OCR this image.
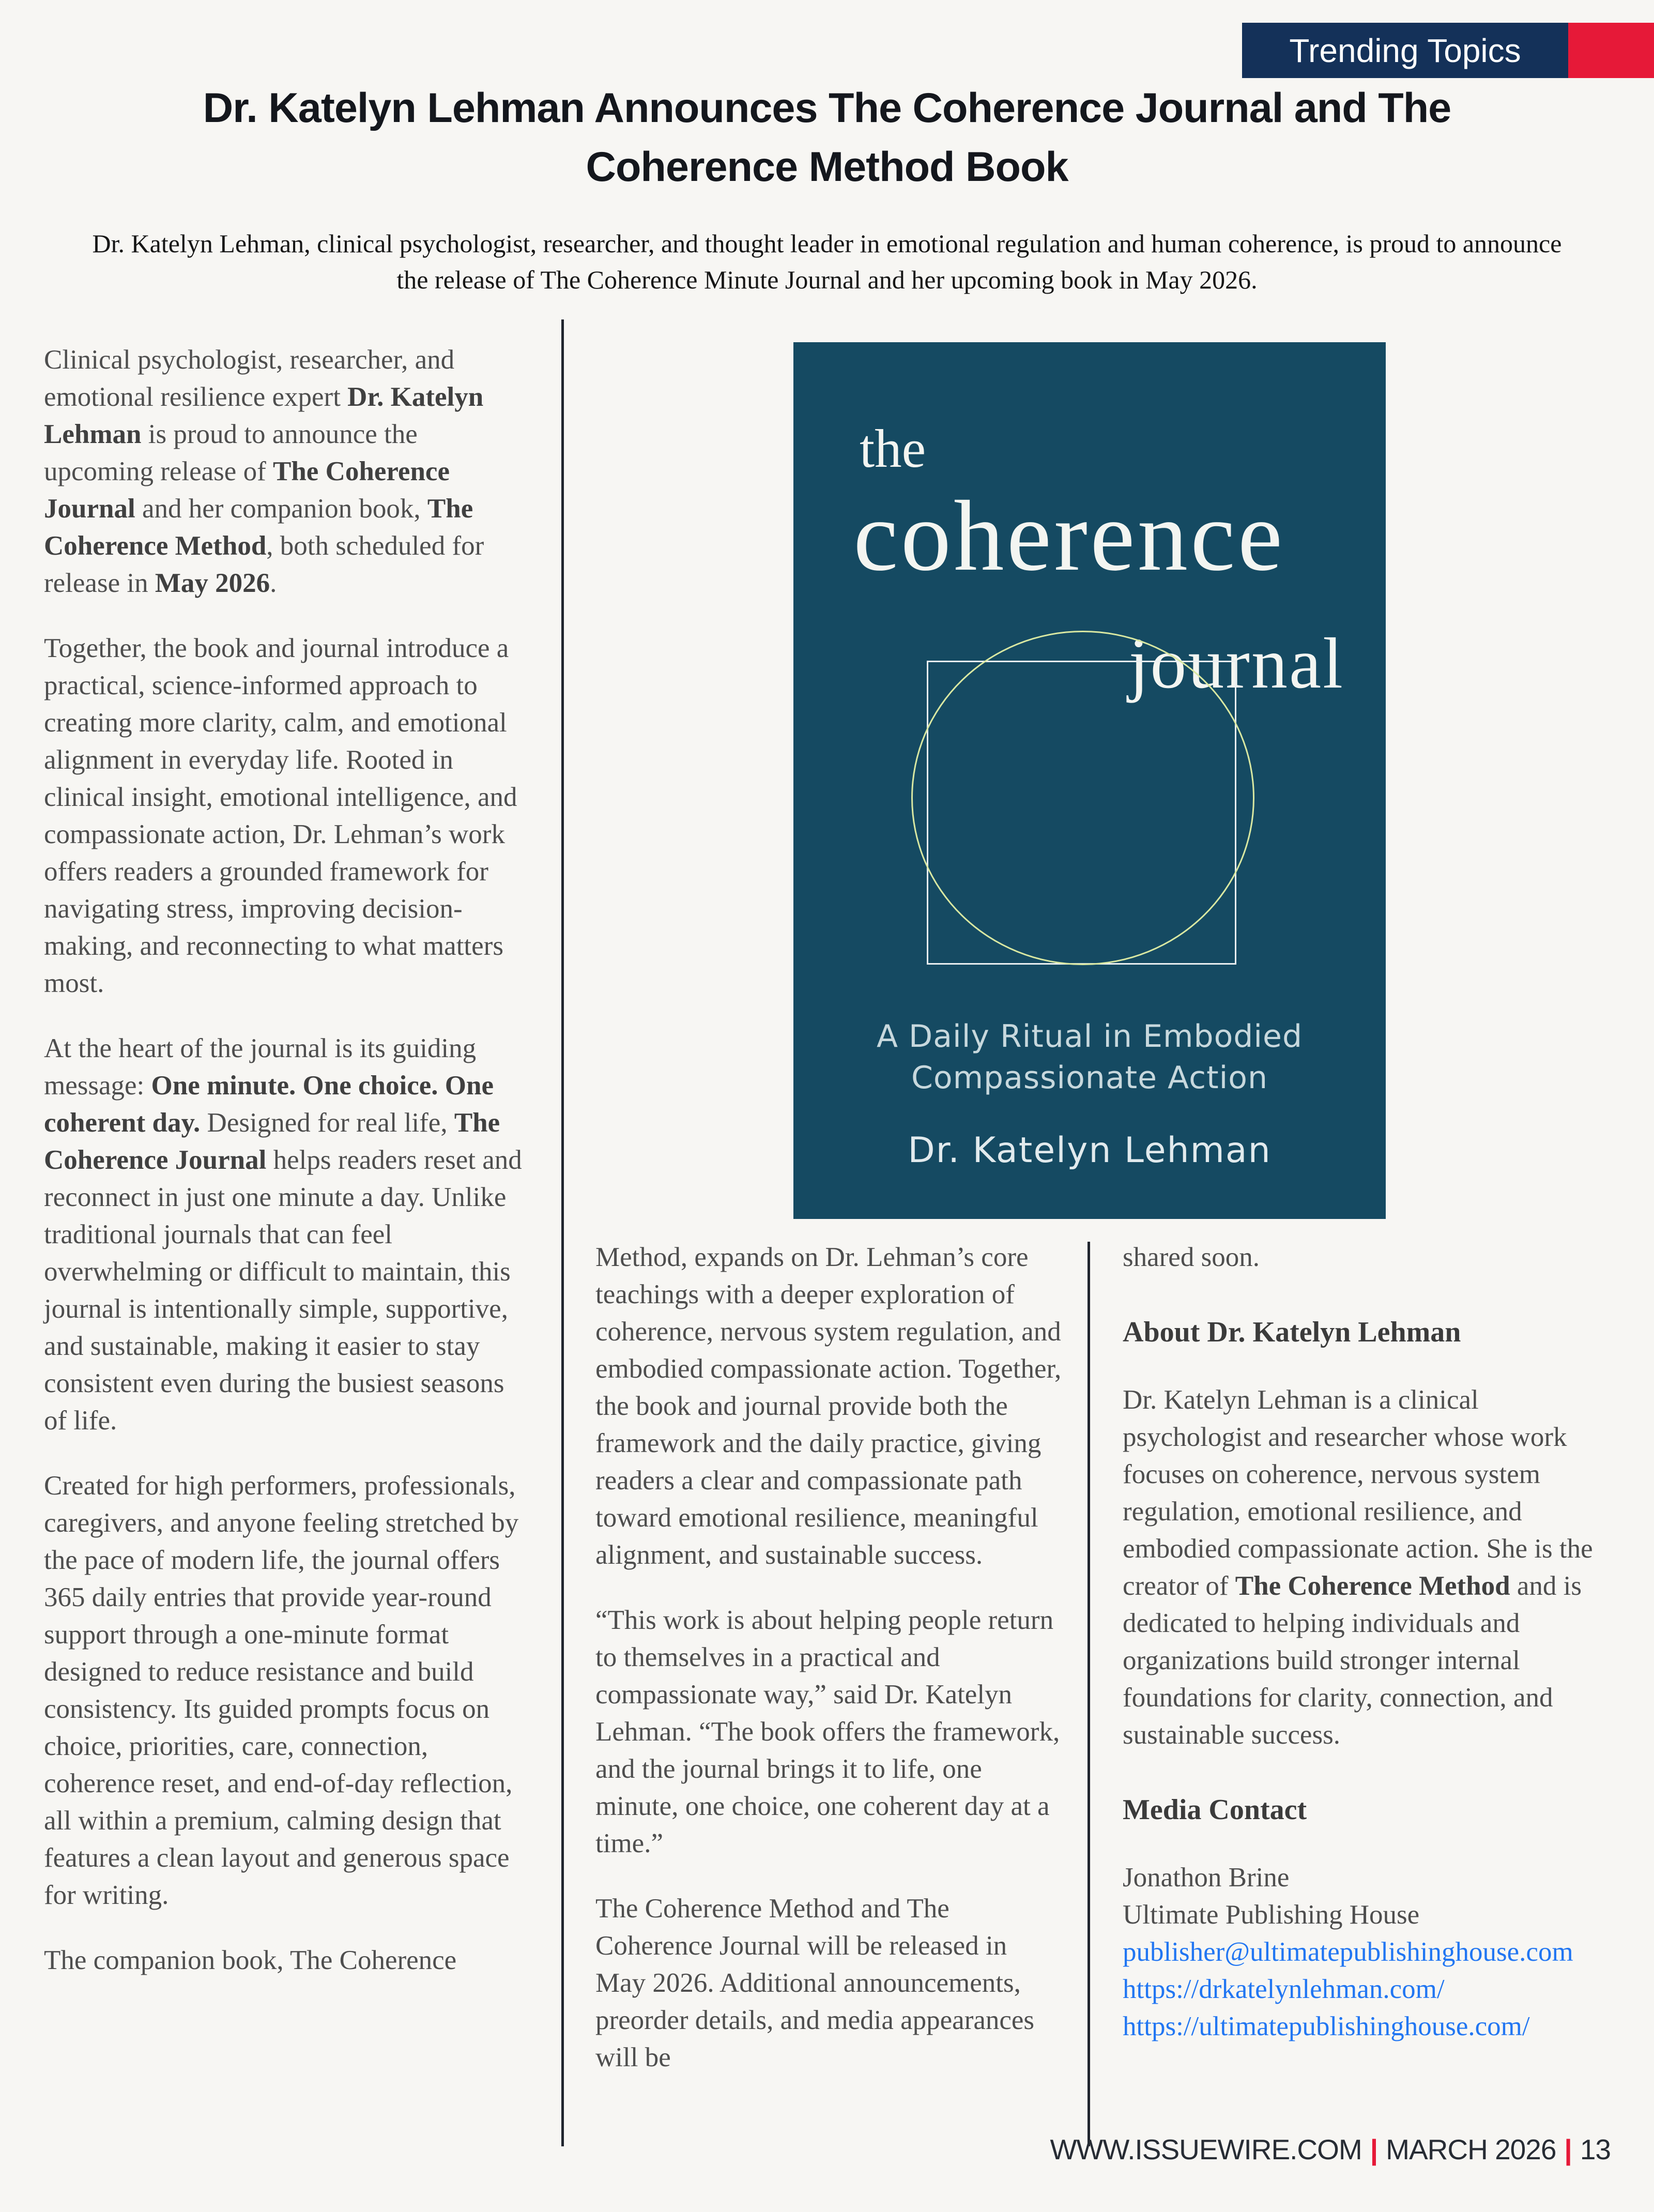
Trending Topics
Dr. Katelyn Lehman Announces The Coherence Journal and The Coherence Method Book

Dr. Katelyn Lehman, clinical psychologist, researcher, and thought leader in emotional regulation and human coherence, is proud to announce the release of The Coherence Minute Journal and her upcoming book in May 2026.

Clinical psychologist, researcher, and emotional resilience expert Dr. Katelyn Lehman is proud to announce the upcoming release of The Coherence Journal and her companion book, The Coherence Method, both scheduled for release in May 2026.

Together, the book and journal introduce a practical, science-informed approach to creating more clarity, calm, and emotional alignment in everyday life. Rooted in clinical insight, emotional intelligence, and compassionate action, Dr. Lehman’s work offers readers a grounded framework for navigating stress, improving decision-making, and reconnecting to what matters most.

At the heart of the journal is its guiding message: One minute. One choice. One coherent day. Designed for real life, The Coherence Journal helps readers reset and reconnect in just one minute a day. Unlike traditional journals that can feel overwhelming or difficult to maintain, this journal is intentionally simple, supportive, and sustainable, making it easier to stay consistent even during the busiest seasons of life.

Created for high performers, professionals, caregivers, and anyone feeling stretched by the pace of modern life, the journal offers 365 daily entries that provide year-round support through a one-minute format designed to reduce resistance and build consistency. Its guided prompts focus on choice, priorities, care, connection, coherence reset, and end-of-day reflection, all within a premium, calming design that features a clean layout and generous space for writing.

The companion book, The Coherence

the
coherence
journal
A Daily Ritual in Embodied
Compassionate Action
Dr. Katelyn Lehman

Method, expands on Dr. Lehman’s core teachings with a deeper exploration of coherence, nervous system regulation, and embodied compassionate action. Together, the book and journal provide both the framework and the daily practice, giving readers a clear and compassionate path toward emotional resilience, meaningful alignment, and sustainable success.

“This work is about helping people return to themselves in a practical and compassionate way,” said Dr. Katelyn Lehman. “The book offers the framework, and the journal brings it to life, one minute, one choice, one coherent day at a time.”

The Coherence Method and The Coherence Journal will be released in May 2026. Additional announcements, preorder details, and media appearances will be

shared soon.

About Dr. Katelyn Lehman

Dr. Katelyn Lehman is a clinical psychologist and researcher whose work focuses on coherence, nervous system regulation, emotional resilience, and embodied compassionate action. She is the creator of The Coherence Method and is dedicated to helping individuals and organizations build stronger internal foundations for clarity, connection, and sustainable success.

Media Contact

Jonathon Brine
Ultimate Publishing House
publisher@ultimatepublishinghouse.com
https://drkatelynlehman.com/
https://ultimatepublishinghouse.com/

WWW.ISSUEWIRE.COM | MARCH 2026 | 13
